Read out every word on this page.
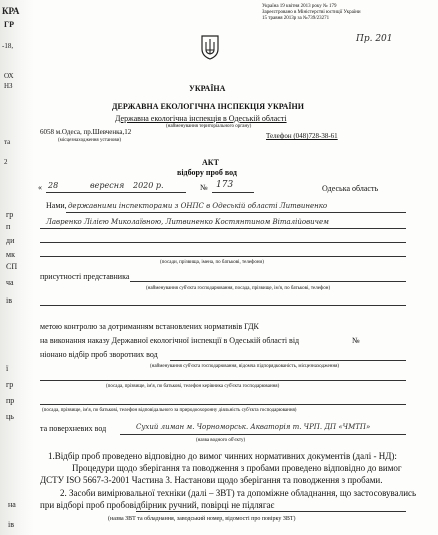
КРА
ГР
-18,
ОХ
НЗ
та
2
гр
п
ди
мк
СП
ча
ів
ї
гр
пр
ць
на
ів
Україна 19 квітня 2013 року № 179
Зареєстровано в Міністерстві юстиції України
15 травня 2013р за №739/23271
Пр. 201
УКРАЇНА
ДЕРЖАВНА ЕКОЛОГІЧНА ІНСПЕКЦІЯ УКРАЇНИ
Державна екологічна інспекція в Одеській області
(найменування територіального органу)
6058 м.Одеса, пр.Шевченка,12	Телефон (048)728-38-61
(місцезнаходження установи)
АКТ
відбору проб вод
« 28	вересня 2020 р.	№ 173	Одеська область
Нами, державними інспекторами з ОНПС в Одеській області Литвиненко
Лавренко Лілією Миколаївною, Литвиненко Костянтином Віталійовичем
(посади, прізвища, імена, по батькові, телефони)
присутності представника
(найменування суб'єкта господарювання, посада, прізвище, ім'я, по батькові, телефон)
метою контролю за дотриманням встановлених нормативів ГДК
на виконання наказу Державної екологічної інспекції в Одеській області від	№
ніонано відбір проб зворотних вод
(найменування суб'єкта господарювання, відомча підпорядкованість, місцезнаходження)
(посада, прізвище, ім'я, по батькові, телефон керівника суб'єкта господарювання)
(посада, прізвище, ім'я, по батькові, телефон відповідального за природоохоронну діяльність суб'єкта господарювання)
та поверхневих вод	Сухий лиман м. Чорноморськ. Акваторія т. ЧРП. ДП «ЧМТП»
(назва водного об'єкту)
1.Відбір проб проведено відповідно до вимог чинних нормативних документів (далі - НД):
Процедури щодо зберігання та поводження з пробами проведено відповідно до вимог
ДСТУ ISO 5667-3-2001 Частина 3. Настанови щодо зберігання та поводження з пробами.
2. Засоби вимірювальної техніки (далі – ЗВТ) та допоміжне обладнання, що застосовувались
при відборі проб пробовідбірник ручний, повірці не підлягає
(назва ЗВТ та обладнання, заводський номер, відомості про повірку ЗВТ)
